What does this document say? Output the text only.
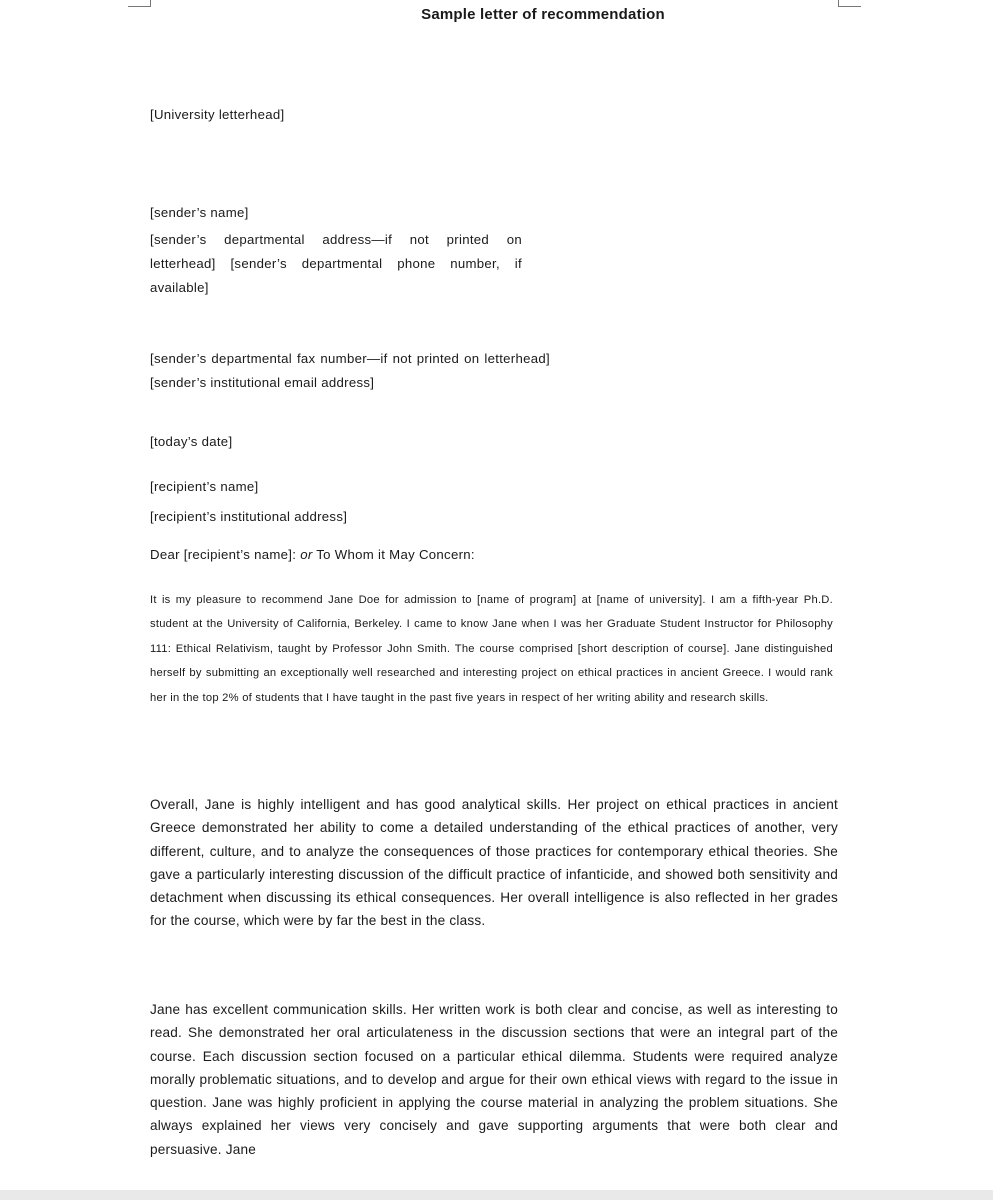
Sample letter of recommendation
[University letterhead]
[sender’s name]
[sender’s departmental address—if not printed on letterhead] [sender’s departmental phone number, if available]
[sender’s departmental fax number—if not printed on letterhead] [sender’s institutional email address]
[today’s date]
[recipient’s name]
[recipient’s institutional address]
Dear [recipient’s name]: or To Whom it May Concern:
It is my pleasure to recommend Jane Doe for admission to [name of program] at [name of university]. I am a fifth-year Ph.D. student at the University of California, Berkeley. I came to know Jane when I was her Graduate Student Instructor for Philosophy 111: Ethical Relativism, taught by Professor John Smith. The course comprised [short description of course]. Jane distinguished herself by submitting an exceptionally well researched and interesting project on ethical practices in ancient Greece. I would rank her in the top 2% of students that I have taught in the past five years in respect of her writing ability and research skills.
Overall, Jane is highly intelligent and has good analytical skills. Her project on ethical practices in ancient Greece demonstrated her ability to come a detailed understanding of the ethical practices of another, very different, culture, and to analyze the consequences of those practices for contemporary ethical theories. She gave a particularly interesting discussion of the difficult practice of infanticide, and showed both sensitivity and detachment when discussing its ethical consequences. Her overall intelligence is also reflected in her grades for the course, which were by far the best in the class.
Jane has excellent communication skills. Her written work is both clear and concise, as well as interesting to read. She demonstrated her oral articulateness in the discussion sections that were an integral part of the course. Each discussion section focused on a particular ethical dilemma. Students were required analyze morally problematic situations, and to develop and argue for their own ethical views with regard to the issue in question. Jane was highly proficient in applying the course material in analyzing the problem situations. She always explained her views very concisely and gave supporting arguments that were both clear and persuasive. Jane
